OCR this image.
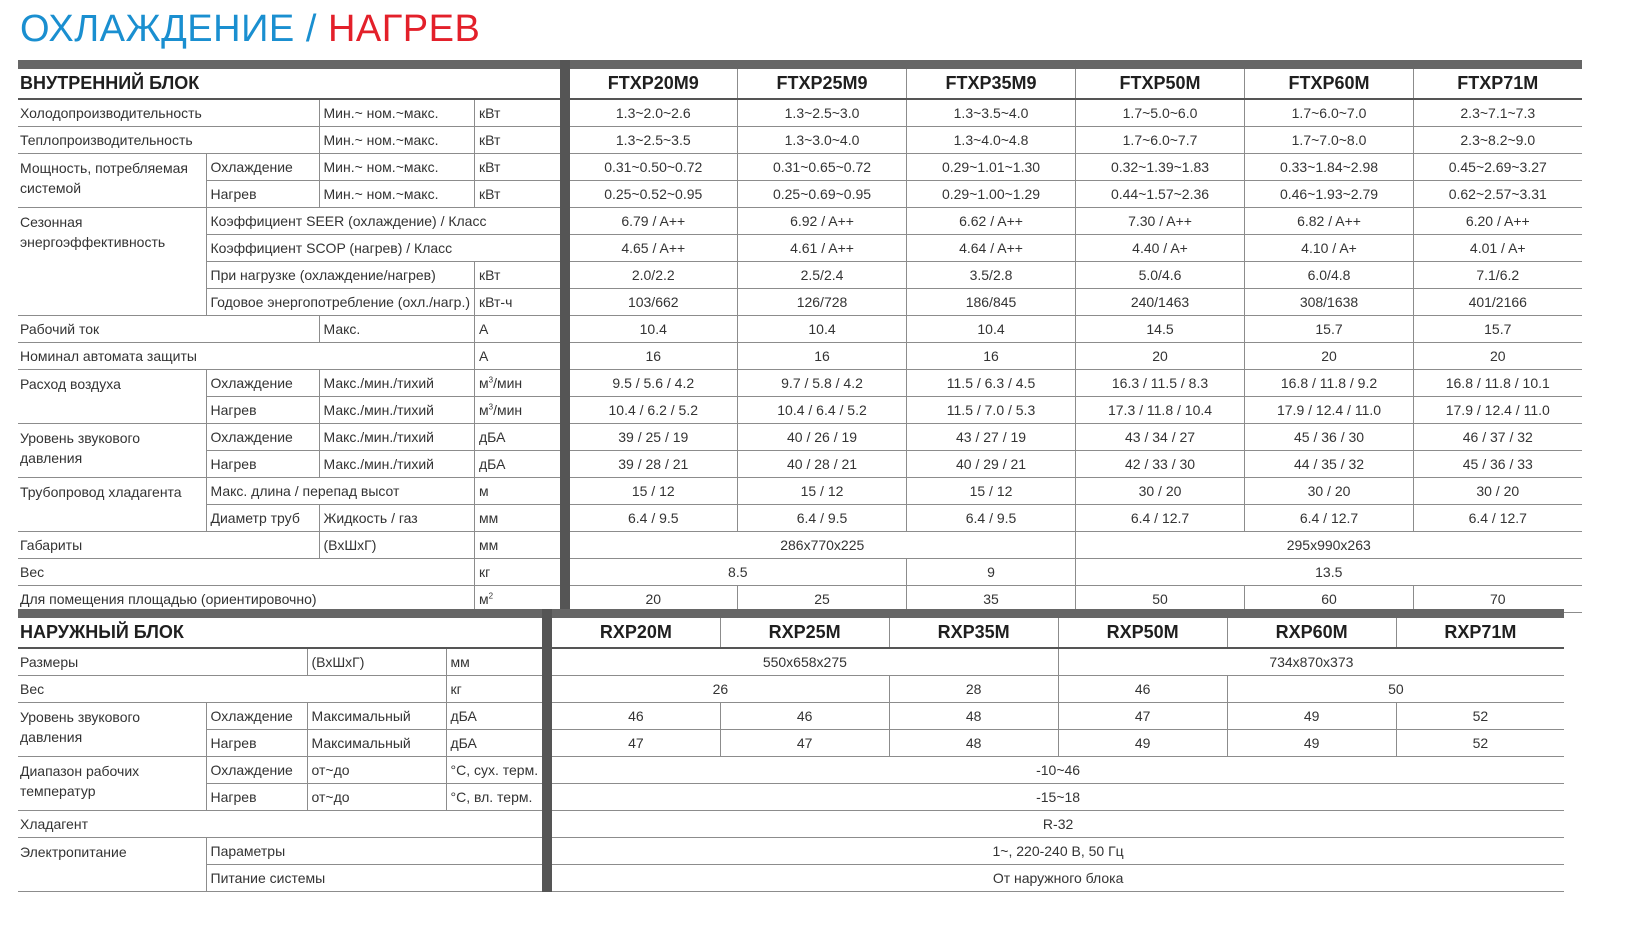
ОХЛАЖДЕНИЕ / НАГРЕВ
ВНУТРЕННИЙ БЛОК				FTXP20M9	FTXP25M9	FTXP35M9	FTXP50M	FTXP60M	FTXP71M
Холодопроизводительность		Мин.~ ном.~макс.	кВт	1.3~2.0~2.6	1.3~2.5~3.0	1.3~3.5~4.0	1.7~5.0~6.0	1.7~6.0~7.0	2.3~7.1~7.3
Теплопроизводительность		Мин.~ ном.~макс.	кВт	1.3~2.5~3.5	1.3~3.0~4.0	1.3~4.0~4.8	1.7~6.0~7.7	1.7~7.0~8.0	2.3~8.2~9.0
Мощность, потребляемая системой	Охлаждение	Мин.~ ном.~макс.	кВт	0.31~0.50~0.72	0.31~0.65~0.72	0.29~1.01~1.30	0.32~1.39~1.83	0.33~1.84~2.98	0.45~2.69~3.27
	Нагрев	Мин.~ ном.~макс.	кВт	0.25~0.52~0.95	0.25~0.69~0.95	0.29~1.00~1.29	0.44~1.57~2.36	0.46~1.93~2.79	0.62~2.57~3.31
Сезонная энергоэффективность	Коэффициент SEER (охлаждение) / Класс			6.79 / A++	6.92 / A++	6.62 / A++	7.30 / A++	6.82 / A++	6.20 / A++
	Коэффициент SCOP (нагрев) / Класс			4.65 / A++	4.61 / A++	4.64 / A++	4.40 / A+	4.10 / A+	4.01 / A+
	При нагрузке (охлаждение/нагрев)		кВт	2.0/2.2	2.5/2.4	3.5/2.8	5.0/4.6	6.0/4.8	7.1/6.2
	Годовое энергопотребление (охл./нагр.)		кВт-ч	103/662	126/728	186/845	240/1463	308/1638	401/2166
Рабочий ток		Макс.	А	10.4	10.4	10.4	14.5	15.7	15.7
Номинал автомата защиты			А	16	16	16	20	20	20
Расход воздуха	Охлаждение	Макс./мин./тихий	$м^3$/мин	9.5 / 5.6 / 4.2	9.7 / 5.8 / 4.2	11.5 / 6.3 / 4.5	16.3 / 11.5 / 8.3	16.8 / 11.8 / 9.2	16.8 / 11.8 / 10.1
	Нагрев	Макс./мин./тихий	$м^3$/мин	10.4 / 6.2 / 5.2	10.4 / 6.4 / 5.2	11.5 / 7.0 / 5.3	17.3 / 11.8 / 10.4	17.9 / 12.4 / 11.0	17.9 / 12.4 / 11.0
Уровень звукового давления	Охлаждение	Макс./мин./тихий	дБА	39 / 25 / 19	40 / 26 / 19	43 / 27 / 19	43 / 34 / 27	45 / 36 / 30	46 / 37 / 32
	Нагрев	Макс./мин./тихий	дБА	39 / 28 / 21	40 / 28 / 21	40 / 29 / 21	42 / 33 / 30	44 / 35 / 32	45 / 36 / 33
Трубопровод хладагента	Макс. длина / перепад высот		м	15 / 12	15 / 12	15 / 12	30 / 20	30 / 20	30 / 20
	Диаметр труб	Жидкость / газ	мм	6.4 / 9.5	6.4 / 9.5	6.4 / 9.5	6.4 / 12.7	6.4 / 12.7	6.4 / 12.7
Габариты		(ВхШхГ)	мм	286x770x225			295x990x263		
Вес			кг	8.5		9	13.5		
Для помещения площадью (ориентировочно)			$м^2$	20	25	35	50	60	70
НАРУЖНЫЙ БЛОК				RXP20M	RXP25M	RXP35M	RXP50M	RXP60M	RXP71M
Размеры		(ВхШхГ)	мм	550x658x275			734x870x373		
Вес			кг	26		28	46	50	
Уровень звукового давления	Охлаждение	Максимальный	дБА	46	46	48	47	49	52
	Нагрев	Максимальный	дБА	47	47	48	49	49	52
Диапазон рабочих температур	Охлаждение	от~до	°С, сух. терм.	-10~46					
	Нагрев	от~до	°С, вл. терм.	-15~18					
Хладагент				R-32					
Электропитание	Параметры			1~, 220-240 В, 50 Гц					
	Питание системы			От наружного блока					
